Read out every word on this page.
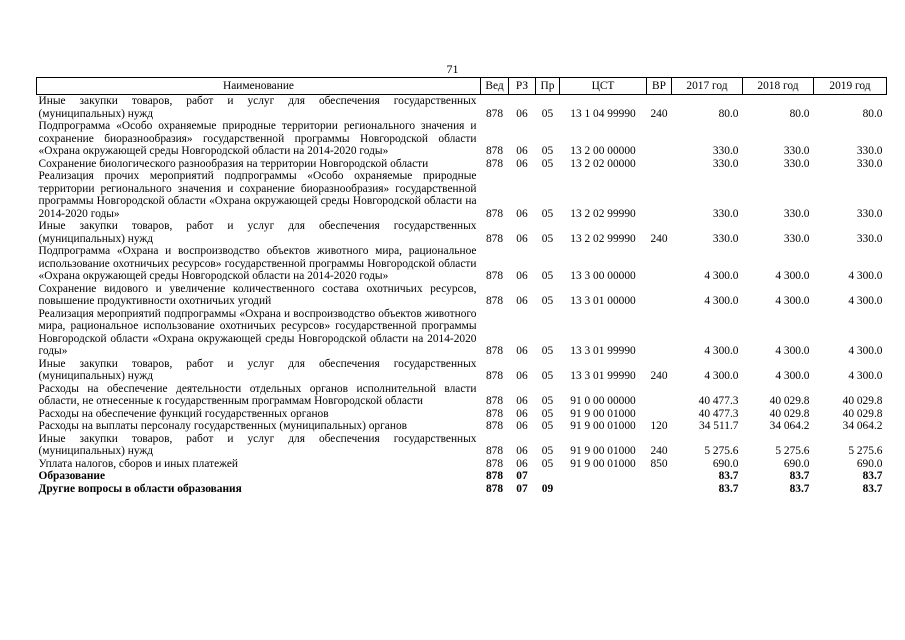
71
Наименование	Вед	РЗ	Пр	ЦСТ	ВР	2017 год	2018 год	2019 год
Иные закупки товаров, работ и услуг для обеспечения государственных (муниципальных) нужд	878	06	05	13 1 04 99990	240	80.0	80.0	80.0
Подпрограмма «Особо охраняемые природные территории регионального значения и сохранение биоразнообразия» государственной программы Новгородской области «Охрана окружающей среды Новгородской области на 2014-2020 годы»	878	06	05	13 2 00 00000		330.0	330.0	330.0
Сохранение биологического разнообразия на территории Новгородской области	878	06	05	13 2 02 00000		330.0	330.0	330.0
Реализация прочих мероприятий подпрограммы «Особо охраняемые природные территории регионального значения и сохранение биоразнообразия» государственной программы Новгородской области «Охрана окружающей среды Новгородской области на 2014-2020 годы»	878	06	05	13 2 02 99990		330.0	330.0	330.0
Иные закупки товаров, работ и услуг для обеспечения государственных (муниципальных) нужд	878	06	05	13 2 02 99990	240	330.0	330.0	330.0
Подпрограмма «Охрана и воспроизводство объектов животного мира, рациональное использование охотничьих ресурсов» государственной программы Новгородской области «Охрана окружающей среды Новгородской области на 2014-2020 годы»	878	06	05	13 3 00 00000		4 300.0	4 300.0	4 300.0
Сохранение видового и увеличение количественного состава охотничьих ресурсов, повышение продуктивности охотничьих угодий	878	06	05	13 3 01 00000		4 300.0	4 300.0	4 300.0
Реализация мероприятий подпрограммы «Охрана и воспроизводство объектов животного мира, рациональное использование охотничьих ресурсов» государственной программы Новгородской области «Охрана окружающей среды Новгородской области на 2014-2020 годы»	878	06	05	13 3 01 99990		4 300.0	4 300.0	4 300.0
Иные закупки товаров, работ и услуг для обеспечения государственных (муниципальных) нужд	878	06	05	13 3 01 99990	240	4 300.0	4 300.0	4 300.0
Расходы на обеспечение деятельности отдельных органов исполнительной власти области, не отнесенные к государственным программам Новгородской области	878	06	05	91 0 00 00000		40 477.3	40 029.8	40 029.8
Расходы на обеспечение функций государственных органов	878	06	05	91 9 00 01000		40 477.3	40 029.8	40 029.8
Расходы на выплаты персоналу государственных (муниципальных) органов	878	06	05	91 9 00 01000	120	34 511.7	34 064.2	34 064.2
Иные закупки товаров, работ и услуг для обеспечения государственных (муниципальных) нужд	878	06	05	91 9 00 01000	240	5 275.6	5 275.6	5 275.6
Уплата налогов, сборов и иных платежей	878	06	05	91 9 00 01000	850	690.0	690.0	690.0
Образование	878	07				83.7	83.7	83.7
Другие вопросы в области образования	878	07	09			83.7	83.7	83.7
